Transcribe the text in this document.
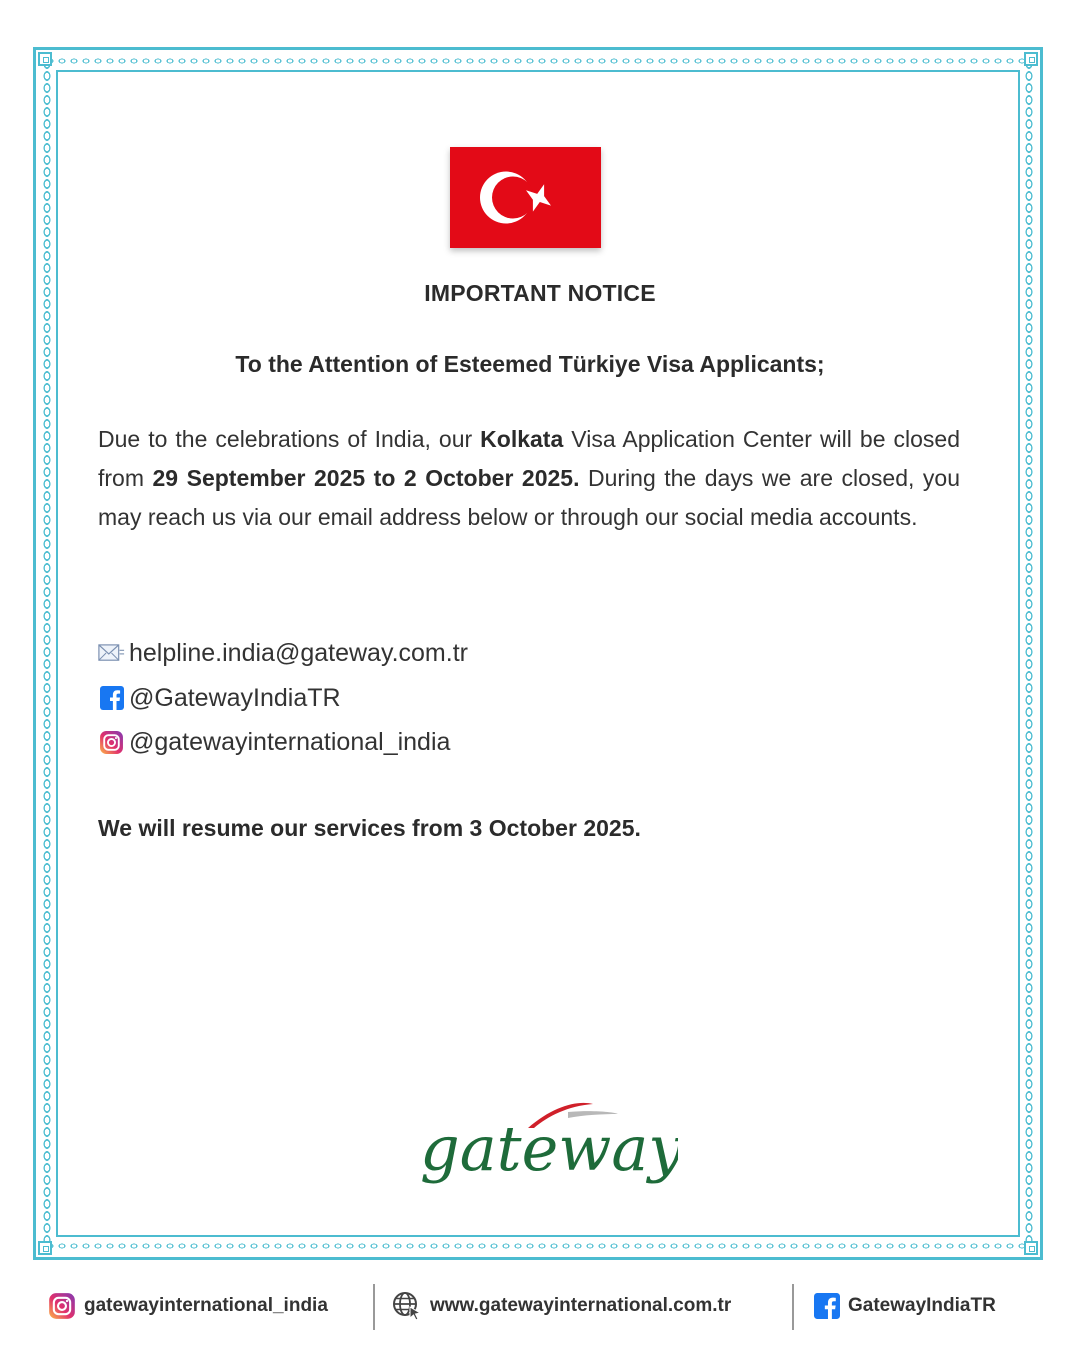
IMPORTANT NOTICE
To the Attention of Esteemed Türkiye Visa Applicants;
Due to the celebrations of India, our Kolkata Visa Application Center will be closed from 29 September 2025 to 2 October 2025. During the days we are closed, you may reach us via our email address below or through our social media accounts.
helpline.india@gateway.com.tr
@GatewayIndiaTR
@gatewayinternational_india
We will resume our services from 3 October 2025.
gateway
gatewayinternational_india	www.gatewayinternational.com.tr	GatewayIndiaTR
